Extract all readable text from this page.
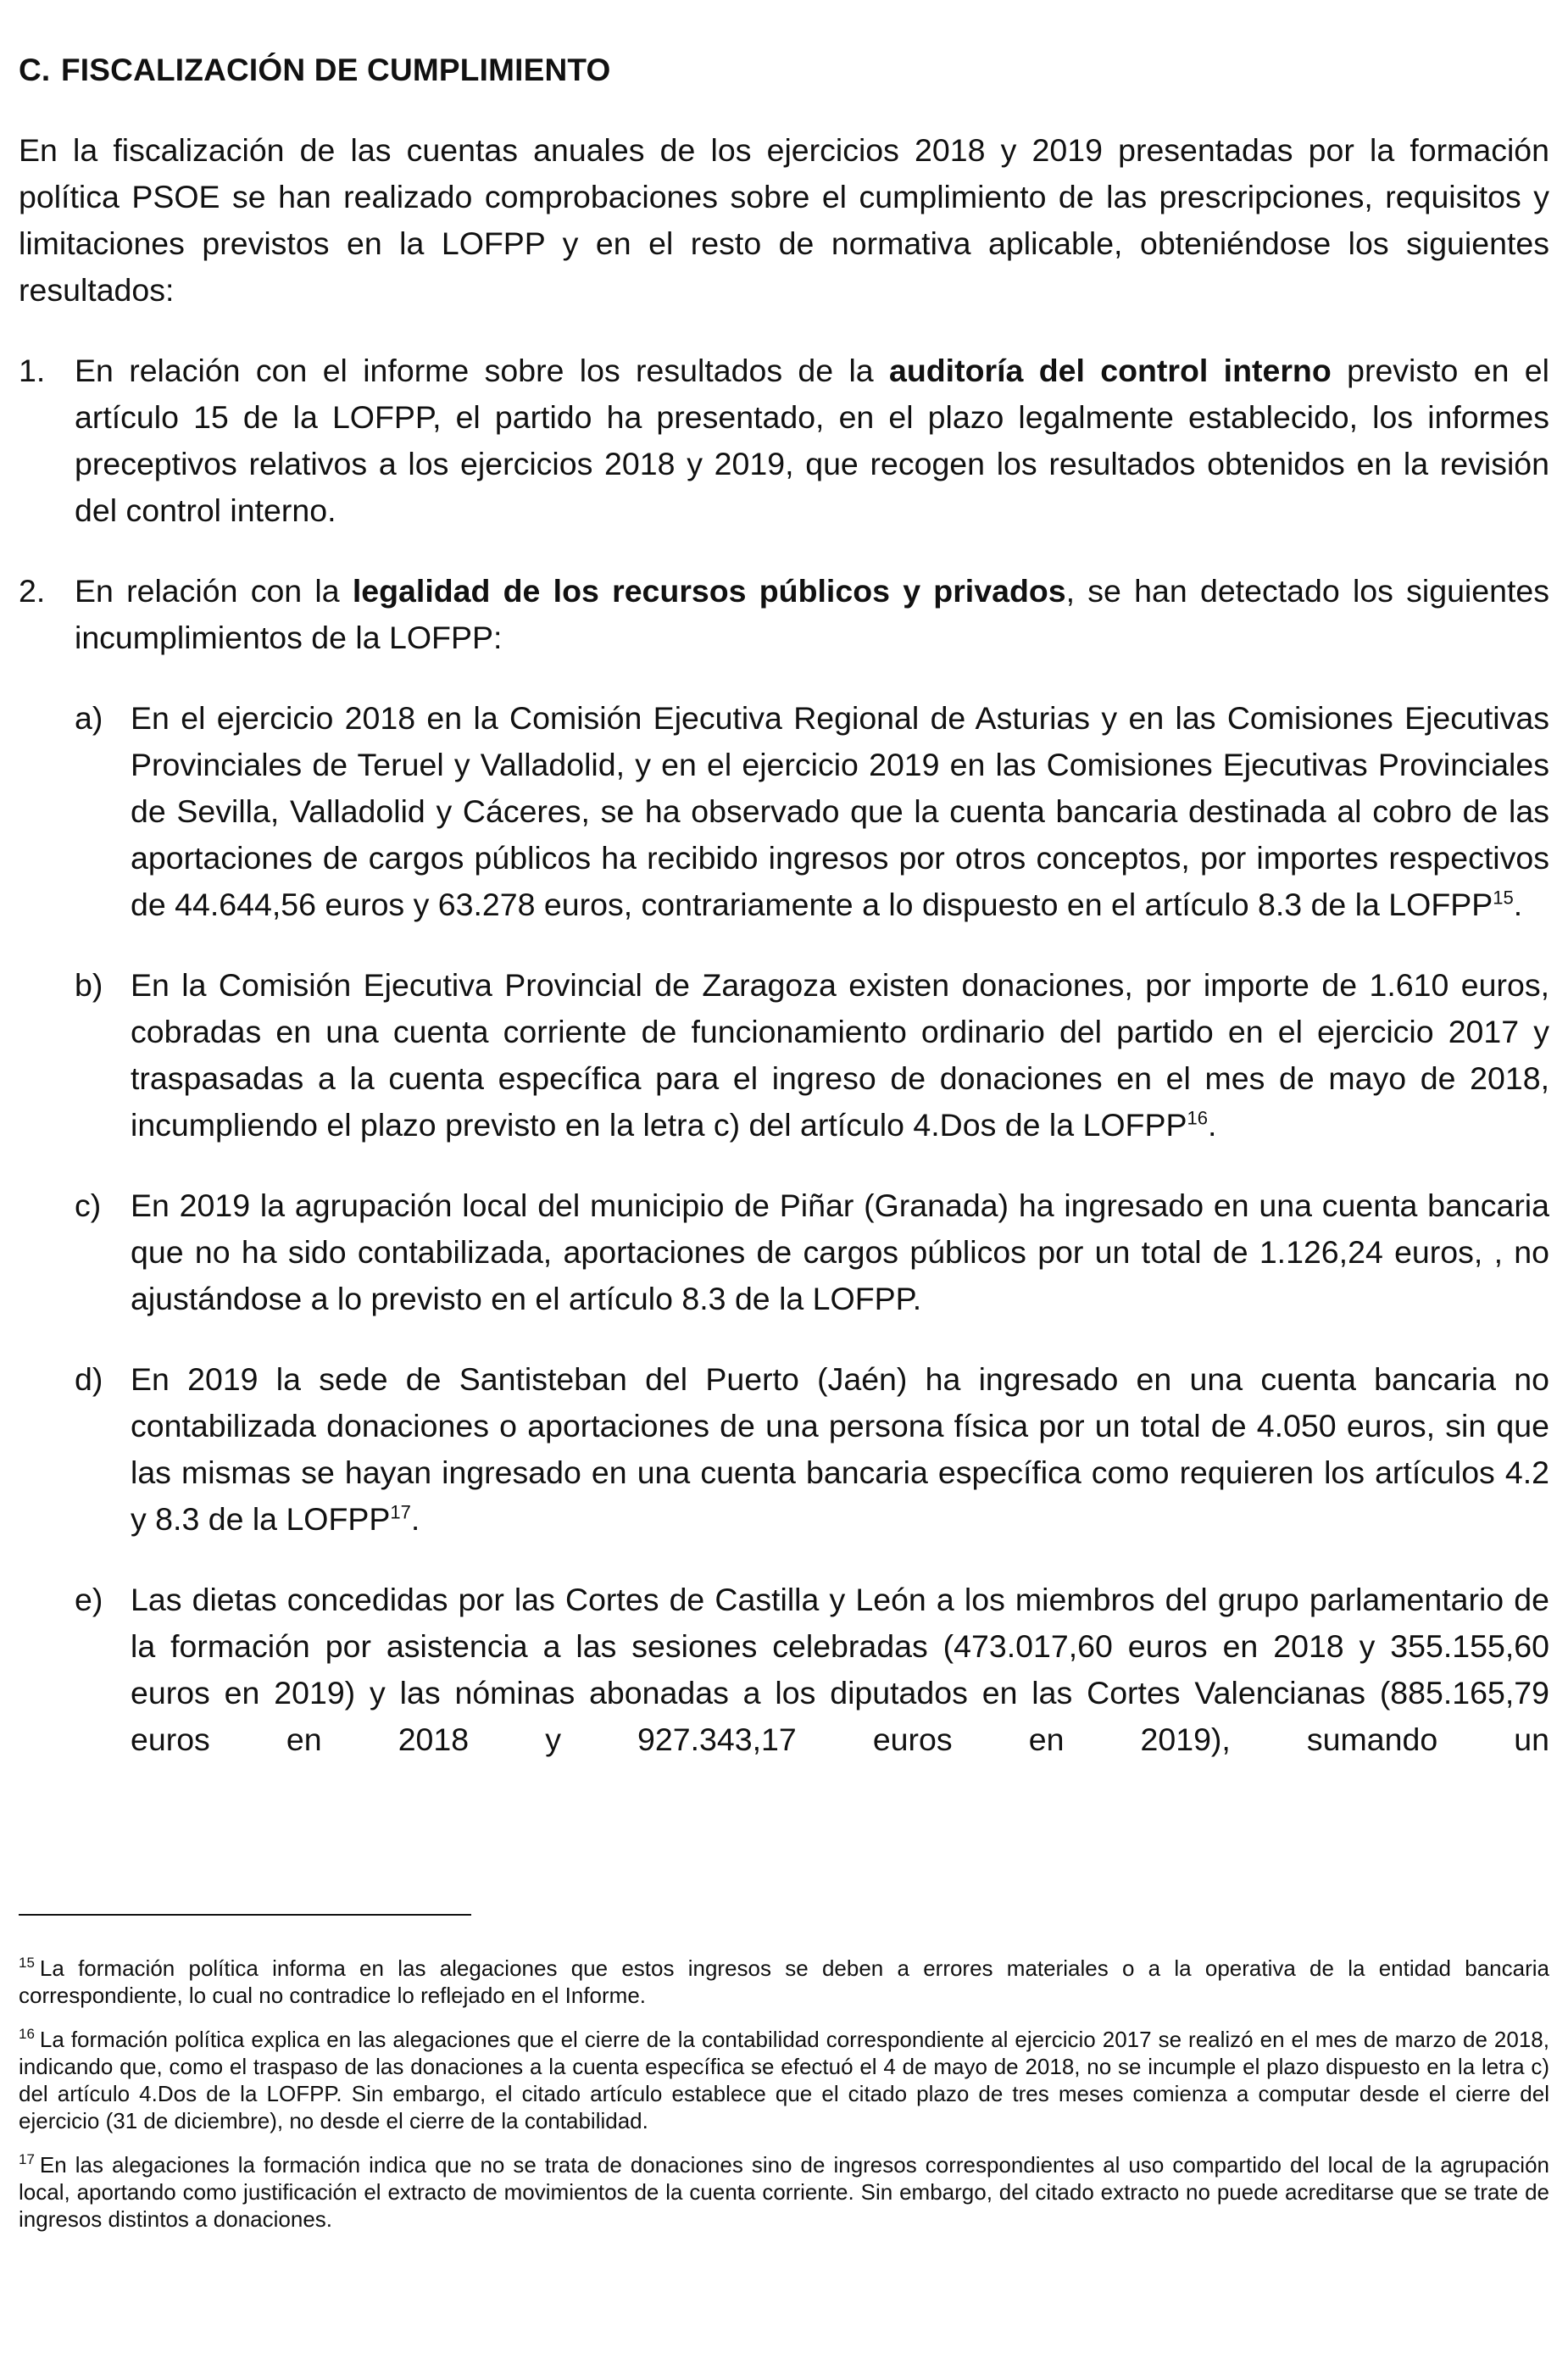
C. FISCALIZACIÓN DE CUMPLIMIENTO

En la fiscalización de las cuentas anuales de los ejercicios 2018 y 2019 presentadas por la formación política PSOE se han realizado comprobaciones sobre el cumplimiento de las prescripciones, requisitos y limitaciones previstos en la LOFPP y en el resto de normativa aplicable, obteniéndose los siguientes resultados:

1. En relación con el informe sobre los resultados de la auditoría del control interno previsto en el artículo 15 de la LOFPP, el partido ha presentado, en el plazo legalmente establecido, los informes preceptivos relativos a los ejercicios 2018 y 2019, que recogen los resultados obtenidos en la revisión del control interno.

2. En relación con la legalidad de los recursos públicos y privados, se han detectado los siguientes incumplimientos de la LOFPP:

a) En el ejercicio 2018 en la Comisión Ejecutiva Regional de Asturias y en las Comisiones Ejecutivas Provinciales de Teruel y Valladolid, y en el ejercicio 2019 en las Comisiones Ejecutivas Provinciales de Sevilla, Valladolid y Cáceres, se ha observado que la cuenta bancaria destinada al cobro de las aportaciones de cargos públicos ha recibido ingresos por otros conceptos, por importes respectivos de 44.644,56 euros y 63.278 euros, contrariamente a lo dispuesto en el artículo 8.3 de la LOFPP$^{15}$.

b) En la Comisión Ejecutiva Provincial de Zaragoza existen donaciones, por importe de 1.610 euros, cobradas en una cuenta corriente de funcionamiento ordinario del partido en el ejercicio 2017 y traspasadas a la cuenta específica para el ingreso de donaciones en el mes de mayo de 2018, incumpliendo el plazo previsto en la letra c) del artículo 4.Dos de la LOFPP$^{16}$.

c) En 2019 la agrupación local del municipio de Piñar (Granada) ha ingresado en una cuenta bancaria que no ha sido contabilizada, aportaciones de cargos públicos por un total de 1.126,24 euros, , no ajustándose a lo previsto en el artículo 8.3 de la LOFPP.

d) En 2019 la sede de Santisteban del Puerto (Jaén) ha ingresado en una cuenta bancaria no contabilizada donaciones o aportaciones de una persona física por un total de 4.050 euros, sin que las mismas se hayan ingresado en una cuenta bancaria específica como requieren los artículos 4.2 y 8.3 de la LOFPP$^{17}$.

e) Las dietas concedidas por las Cortes de Castilla y León a los miembros del grupo parlamentario de la formación por asistencia a las sesiones celebradas (473.017,60 euros en 2018 y 355.155,60 euros en 2019) y las nóminas abonadas a los diputados en las Cortes Valencianas (885.165,79 euros en 2018 y 927.343,17 euros en 2019), sumando un

$^{15}$ La formación política informa en las alegaciones que estos ingresos se deben a errores materiales o a la operativa de la entidad bancaria correspondiente, lo cual no contradice lo reflejado en el Informe.

$^{16}$ La formación política explica en las alegaciones que el cierre de la contabilidad correspondiente al ejercicio 2017 se realizó en el mes de marzo de 2018, indicando que, como el traspaso de las donaciones a la cuenta específica se efectuó el 4 de mayo de 2018, no se incumple el plazo dispuesto en la letra c) del artículo 4.Dos de la LOFPP. Sin embargo, el citado artículo establece que el citado plazo de tres meses comienza a computar desde el cierre del ejercicio (31 de diciembre), no desde el cierre de la contabilidad.

$^{17}$ En las alegaciones la formación indica que no se trata de donaciones sino de ingresos correspondientes al uso compartido del local de la agrupación local, aportando como justificación el extracto de movimientos de la cuenta corriente. Sin embargo, del citado extracto no puede acreditarse que se trate de ingresos distintos a donaciones.
